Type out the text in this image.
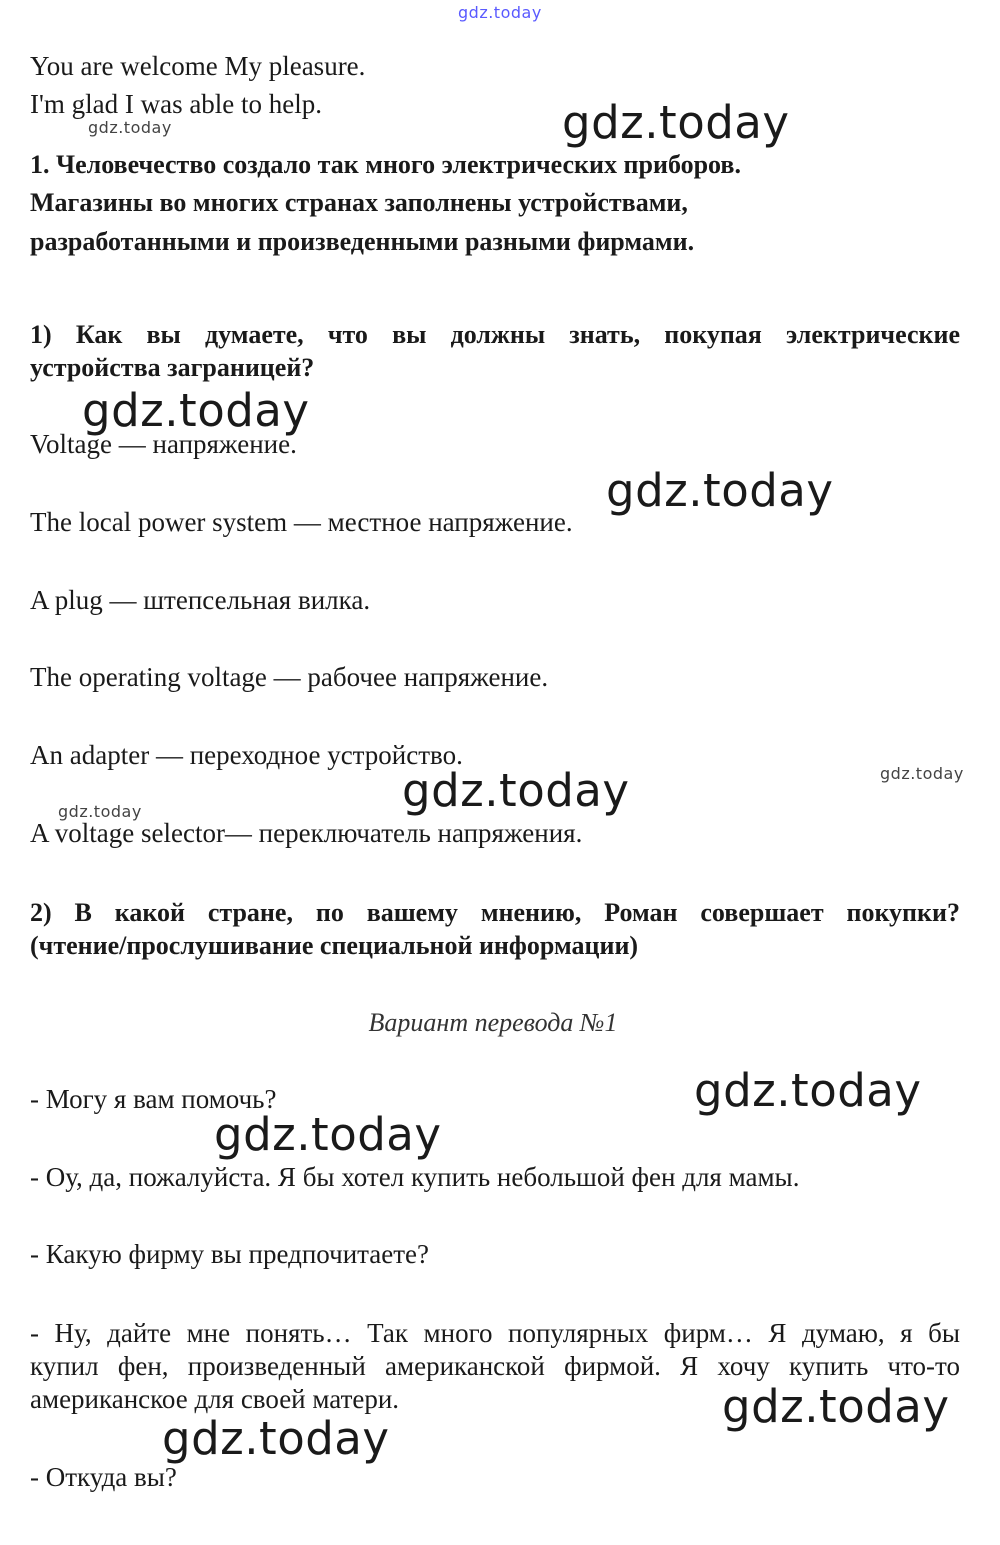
gdz.today
You are welcome My pleasure.
I'm glad I was able to help.
1. Человечество создало так много электрических приборов.
Магазины во многих странах заполнены устройствами,
разработанными и произведенными разными фирмами.
1) Как вы думаете, что вы должны знать, покупая электрические
устройства заграницей?
Voltage — напряжение.
The local power system — местное напряжение.
A plug — штепсельная вилка.
The operating voltage — рабочее напряжение.
An adapter — переходное устройство.
A voltage selector— переключатель напряжения.
2) В какой стране, по вашему мнению, Роман совершает покупки?
(чтение/прослушивание специальной информации)
Вариант перевода №1
- Могу я вам помочь?
- Оу, да, пожалуйста. Я бы хотел купить небольшой фен для мамы.
- Какую фирму вы предпочитаете?
- Ну, дайте мне понять… Так много популярных фирм… Я думаю, я бы
купил фен, произведенный американской фирмой. Я хочу купить что-то
американское для своей матери.
- Откуда вы?
gdz.today	gdz.today
gdz.today
gdz.today
gdz.today
gdz.today
gdz.today
gdz.today
gdz.today
gdz.today
gdz.today
